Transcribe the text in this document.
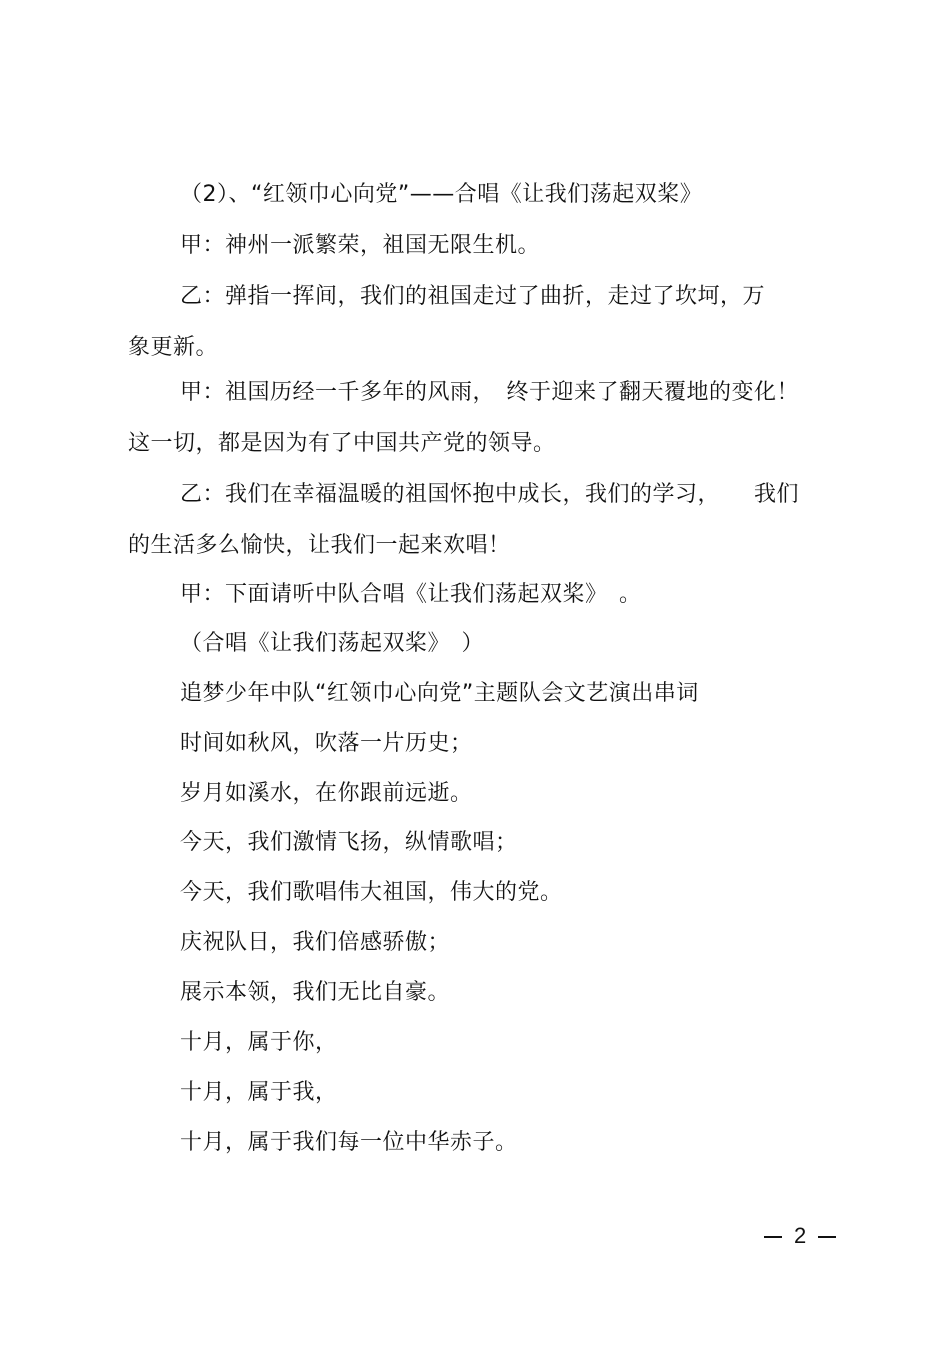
（2）、“红领巾心向党”——合唱《让我们荡起双桨》
甲：神州一派繁荣，祖国无限生机。
乙：弹指一挥间，我们的祖国走过了曲折，走过了坎坷，万
象更新。
甲：祖国历经一千多年的风雨，　终于迎来了翻天覆地的变化！
这一切，都是因为有了中国共产党的领导。
乙：我们在幸福温暖的祖国怀抱中成长，我们的学习，　　我们
的生活多么愉快，让我们一起来欢唱！
甲：下面请听中队合唱《让我们荡起双桨》　。
（合唱《让我们荡起双桨》　）
追梦少年中队“红领巾心向党”主题队会文艺演出串词
时间如秋风，吹落一片历史；
岁月如溪水，在你跟前远逝。
今天，我们激情飞扬，纵情歌唱；
今天，我们歌唱伟大祖国，伟大的党。
庆祝队日，我们倍感骄傲；
展示本领，我们无比自豪。
十月，属于你，
十月，属于我，
十月，属于我们每一位中华赤子。
2
